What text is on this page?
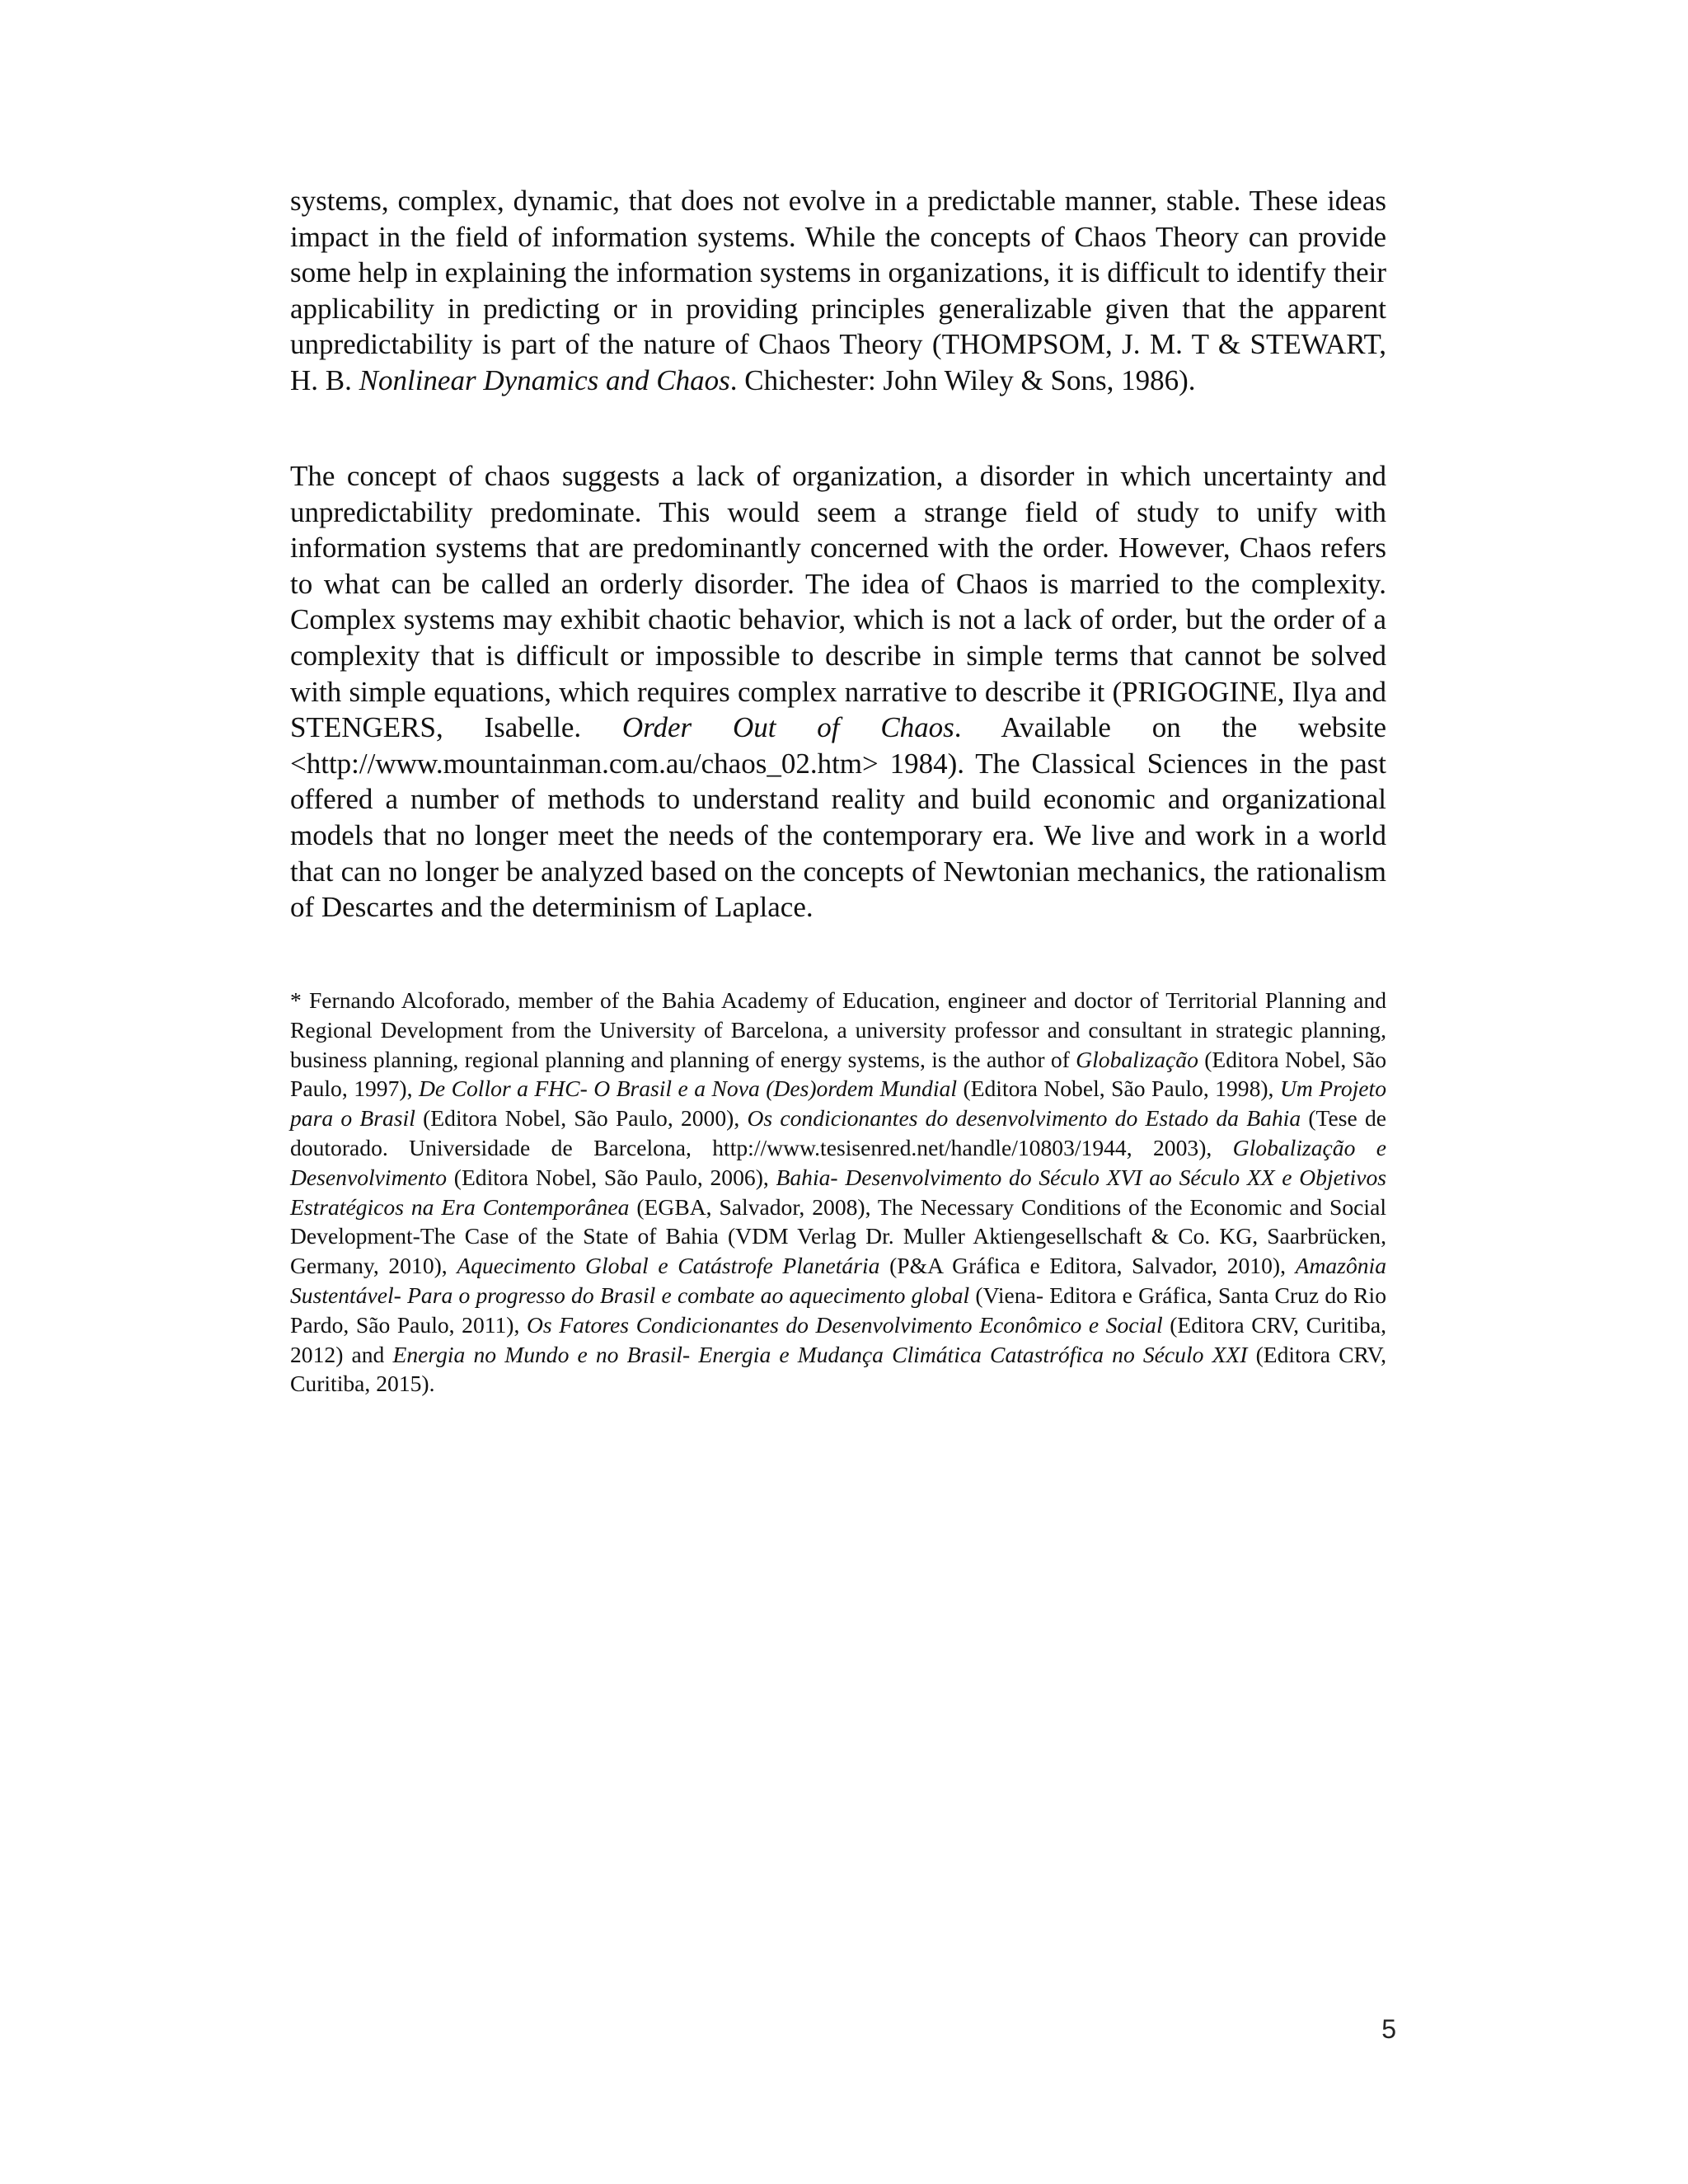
systems, complex, dynamic, that does not evolve in a predictable manner, stable. These ideas impact in the field of information systems. While the concepts of Chaos Theory can provide some help in explaining the information systems in organizations, it is difficult to identify their applicability in predicting or in providing principles generalizable given that the apparent unpredictability is part of the nature of Chaos Theory (THOMPSOM, J. M. T & STEWART, H. B. Nonlinear Dynamics and Chaos. Chichester: John Wiley & Sons, 1986).

The concept of chaos suggests a lack of organization, a disorder in which uncertainty and unpredictability predominate. This would seem a strange field of study to unify with information systems that are predominantly concerned with the order. However, Chaos refers to what can be called an orderly disorder. The idea of Chaos is married to the complexity. Complex systems may exhibit chaotic behavior, which is not a lack of order, but the order of a complexity that is difficult or impossible to describe in simple terms that cannot be solved with simple equations, which requires complex narrative to describe it (PRIGOGINE, Ilya and STENGERS, Isabelle. Order Out of Chaos. Available on the website <http://www.mountainman.com.au/chaos_02.htm> 1984). The Classical Sciences in the past offered a number of methods to understand reality and build economic and organizational models that no longer meet the needs of the contemporary era. We live and work in a world that can no longer be analyzed based on the concepts of Newtonian mechanics, the rationalism of Descartes and the determinism of Laplace.

* Fernando Alcoforado, member of the Bahia Academy of Education, engineer and doctor of Territorial Planning and Regional Development from the University of Barcelona, a university professor and consultant in strategic planning, business planning, regional planning and planning of energy systems, is the author of Globalização (Editora Nobel, São Paulo, 1997), De Collor a FHC- O Brasil e a Nova (Des)ordem Mundial (Editora Nobel, São Paulo, 1998), Um Projeto para o Brasil (Editora Nobel, São Paulo, 2000), Os condicionantes do desenvolvimento do Estado da Bahia (Tese de doutorado. Universidade de Barcelona, http://www.tesisenred.net/handle/10803/1944, 2003), Globalização e Desenvolvimento (Editora Nobel, São Paulo, 2006), Bahia- Desenvolvimento do Século XVI ao Século XX e Objetivos Estratégicos na Era Contemporânea (EGBA, Salvador, 2008), The Necessary Conditions of the Economic and Social Development-The Case of the State of Bahia (VDM Verlag Dr. Muller Aktiengesellschaft & Co. KG, Saarbrücken, Germany, 2010), Aquecimento Global e Catástrofe Planetária (P&A Gráfica e Editora, Salvador, 2010), Amazônia Sustentável- Para o progresso do Brasil e combate ao aquecimento global (Viena- Editora e Gráfica, Santa Cruz do Rio Pardo, São Paulo, 2011), Os Fatores Condicionantes do Desenvolvimento Econômico e Social (Editora CRV, Curitiba, 2012) and Energia no Mundo e no Brasil- Energia e Mudança Climática Catastrófica no Século XXI (Editora CRV, Curitiba, 2015).

5
